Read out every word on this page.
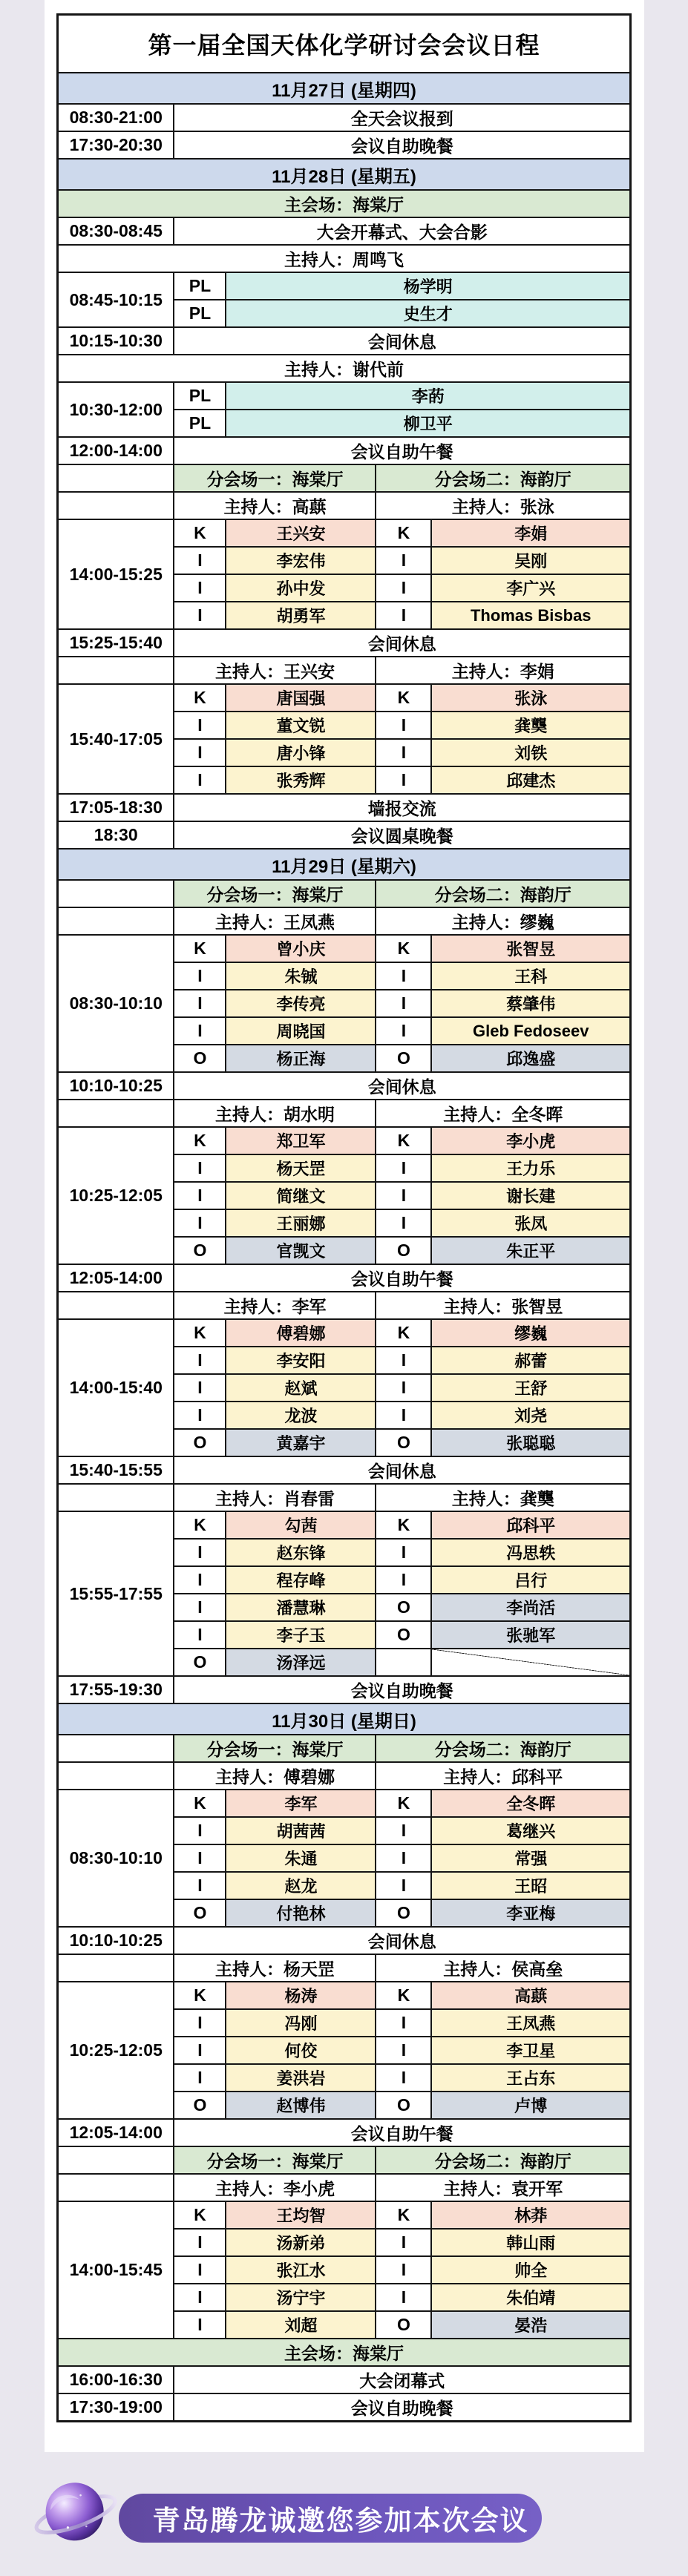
第一届全国天体化学研讨会会议日程				
11月27日 (星期四)				
08:30-21:00	全天会议报到			
17:30-20:30	会议自助晚餐			
11月28日 (星期五)				
主会场：海棠厅				
08:30-08:45	大会开幕式、大会合影			
主持人：周鸣飞				
08:45-10:15	PL	杨学明		
	PL	史生才		
10:15-10:30	会间休息			
主持人：谢代前				
10:30-12:00	PL	李菂		
	PL	柳卫平		
12:00-14:00	会议自助午餐			
	分会场一：海棠厅		分会场二：海韵厅	
	主持人：高蕻		主持人：张泳	
14:00-15:25	K	王兴安	K	李娟
	I	李宏伟	I	吴刚
	I	孙中发	I	李广兴
	I	胡勇军	I	Thomas Bisbas
15:25-15:40	会间休息			
	主持人：王兴安		主持人：李娟	
15:40-17:05	K	唐国强	K	张泳
	I	董文锐	I	龚龑
	I	唐小锋	I	刘铁
	I	张秀辉	I	邱建杰
17:05-18:30	墙报交流			
18:30	会议圆桌晚餐			
11月29日 (星期六)				
	分会场一：海棠厅		分会场二：海韵厅	
	主持人：王凤燕		主持人：缪巍	
08:30-10:10	K	曾小庆	K	张智昱
	I	朱铖	I	王科
	I	李传亮	I	蔡肇伟
	I	周晓国	I	Gleb Fedoseev
	O	杨正海	O	邱逸盛
10:10-10:25	会间休息			
	主持人：胡水明		主持人：全冬晖	
10:25-12:05	K	郑卫军	K	李小虎
	I	杨天罡	I	王力乐
	I	简继文	I	谢长建
	I	王丽娜	I	张凤
	O	官觊文	O	朱正平
12:05-14:00	会议自助午餐			
	主持人：李军		主持人：张智昱	
14:00-15:40	K	傅碧娜	K	缪巍
	I	李安阳	I	郝蕾
	I	赵斌	I	王舒
	I	龙波	I	刘尧
	O	黄嘉宇	O	张聪聪
15:40-15:55	会间休息			
	主持人：肖春雷		主持人：龚龑	
15:55-17:55	K	勾茜	K	邱科平
	I	赵东锋	I	冯思轶
	I	程存峰	I	吕行
	I	潘慧琳	O	李尚活
	I	李子玉	O	张驰军
	O	汤泽远		
17:55-19:30	会议自助晚餐			
11月30日 (星期日)				
	分会场一：海棠厅		分会场二：海韵厅	
	主持人：傅碧娜		主持人：邱科平	
08:30-10:10	K	李军	K	全冬晖
	I	胡茜茜	I	葛继兴
	I	朱通	I	常强
	I	赵龙	I	王昭
	O	付艳林	O	李亚梅
10:10-10:25	会间休息			
	主持人：杨天罡		主持人：侯高垒	
10:25-12:05	K	杨涛	K	高蕻
	I	冯刚	I	王凤燕
	I	何佼	I	李卫星
	I	姜洪岩	I	王占东
	O	赵博伟	O	卢博
12:05-14:00	会议自助午餐			
	分会场一：海棠厅		分会场二：海韵厅	
	主持人：李小虎		主持人：袁开军	
14:00-15:45	K	王均智	K	林莽
	I	汤新弟	I	韩山雨
	I	张江水	I	帅全
	I	汤宁宇	I	朱伯靖
	I	刘超	O	晏浩
主会场：海棠厅				
16:00-16:30	大会闭幕式			
17:30-19:00	会议自助晚餐			
青岛腾龙诚邀您参加本次会议
